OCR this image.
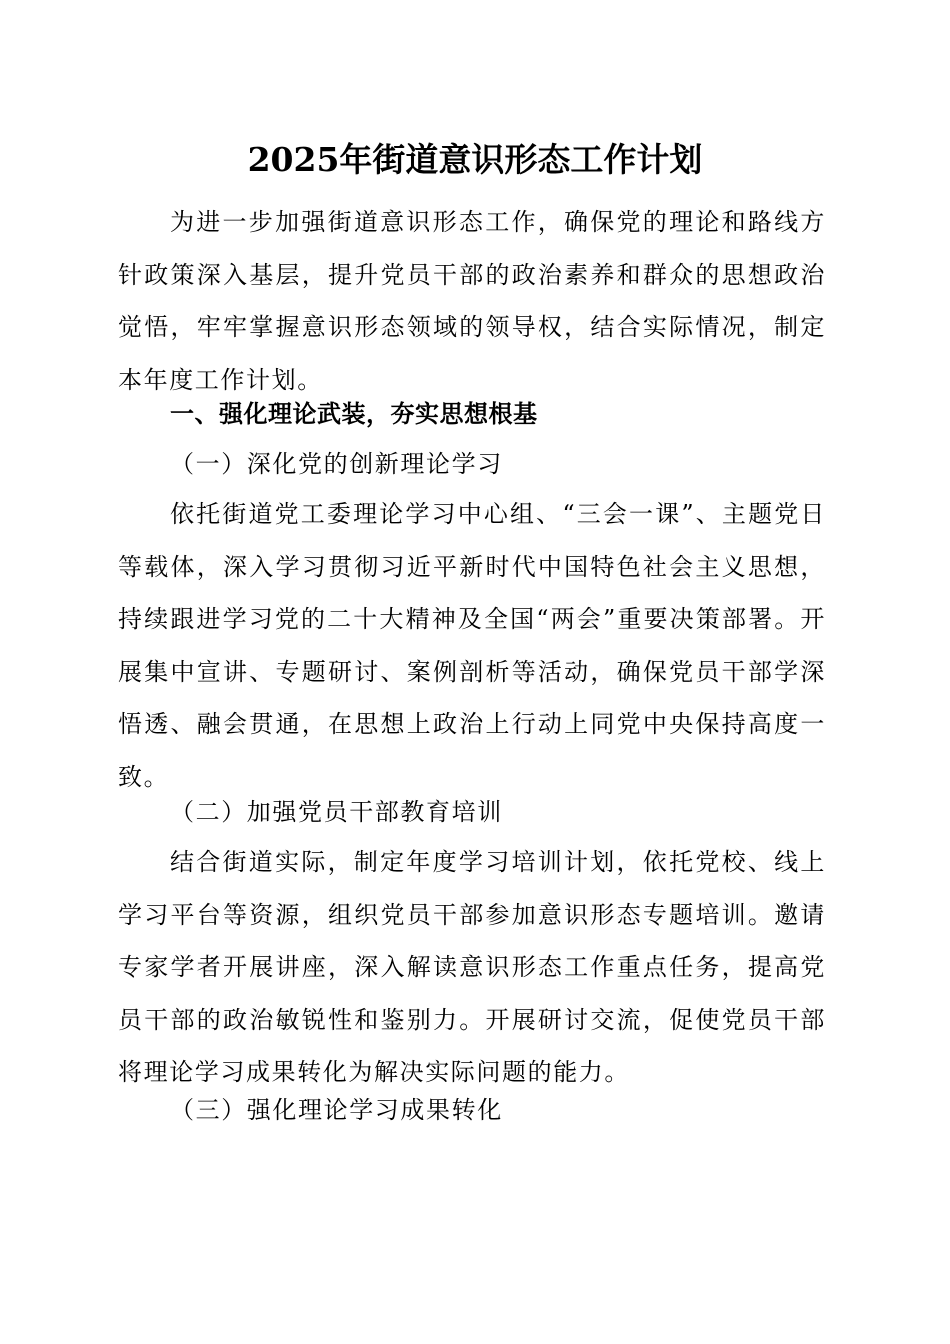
2025年街道意识形态工作计划

为进一步加强街道意识形态工作，确保党的理论和路线方针政策深入基层，提升党员干部的政治素养和群众的思想政治觉悟，牢牢掌握意识形态领域的领导权，结合实际情况，制定本年度工作计划。

一、强化理论武装，夯实思想根基

（一）深化党的创新理论学习

依托街道党工委理论学习中心组、“三会一课”、主题党日等载体，深入学习贯彻习近平新时代中国特色社会主义思想，持续跟进学习党的二十大精神及全国“两会”重要决策部署。开展集中宣讲、专题研讨、案例剖析等活动，确保党员干部学深悟透、融会贯通，在思想上政治上行动上同党中央保持高度一致。

（二）加强党员干部教育培训

结合街道实际，制定年度学习培训计划，依托党校、线上学习平台等资源，组织党员干部参加意识形态专题培训。邀请专家学者开展讲座，深入解读意识形态工作重点任务，提高党员干部的政治敏锐性和鉴别力。开展研讨交流，促使党员干部将理论学习成果转化为解决实际问题的能力。

（三）强化理论学习成果转化
